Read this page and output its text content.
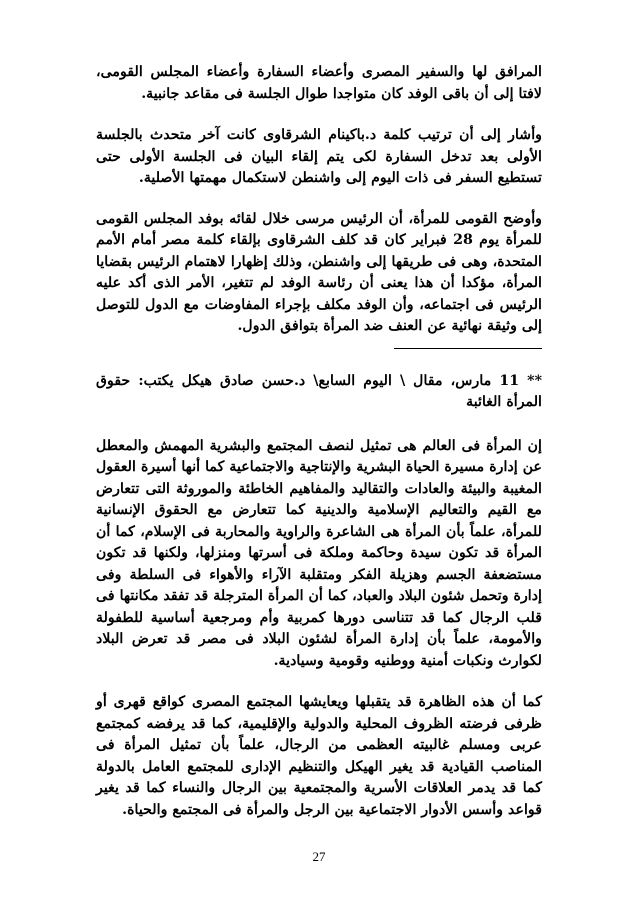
المرافق لها والسفير المصرى وأعضاء السفارة وأعضاء المجلس القومى، لافتا إلى أن باقى الوفد كان متواجدا طوال الجلسة فى مقاعد جانبية.

وأشار إلى أن ترتيب كلمة د.باكينام الشرقاوى كانت آخر متحدث بالجلسة الأولى بعد تدخل السفارة لكى يتم إلقاء البيان فى الجلسة الأولى حتى تستطيع السفر فى ذات اليوم إلى واشنطن لاستكمال مهمتها الأصلية.

وأوضح القومى للمرأة، أن الرئيس مرسى خلال لقائه بوفد المجلس القومى للمرأة يوم 28 فبراير كان قد كلف الشرقاوى بإلقاء كلمة مصر أمام الأمم المتحدة، وهى فى طريقها إلى واشنطن، وذلك إظهارا لاهتمام الرئيس بقضايا المرأة، مؤكدا أن هذا يعنى أن رئاسة الوفد لم تتغير، الأمر الذى أكد عليه الرئيس فى اجتماعه، وأن الوفد مكلف بإجراء المفاوضات مع الدول للتوصل إلى وثيقة نهائية عن العنف ضد المرأة بتوافق الدول.

** 11 مارس، مقال \ اليوم السابع\ د.حسن صادق هيكل يكتب: حقوق المرأة الغائبة

إن المرأة فى العالم هى تمثيل لنصف المجتمع والبشرية المهمش والمعطل عن إدارة مسيرة الحياة البشرية والإنتاجية والاجتماعية كما أنها أسيرة العقول المغيبة والبيئة والعادات والتقاليد والمفاهيم الخاطئة والموروثة التى تتعارض مع القيم والتعاليم الإسلامية والدينية كما تتعارض مع الحقوق الإنسانية للمرأة، علماً بأن المرأة هى الشاعرة والراوية والمحاربة فى الإسلام، كما أن المرأة قد تكون سيدة وحاكمة وملكة فى أسرتها ومنزلها، ولكنها قد تكون مستضعفة الجسم وهزيلة الفكر ومتقلبة الآراء والأهواء فى السلطة وفى إدارة وتحمل شئون البلاد والعباد، كما أن المرأة المترجلة قد تفقد مكانتها فى قلب الرجال كما قد تتناسى دورها كمربية وأم ومرجعية أساسية للطفولة والأمومة، علماً بأن إدارة المرأة لشئون البلاد فى مصر قد تعرض البلاد لكوارث ونكبات أمنية ووطنيه وقومية وسيادية.

كما أن هذه الظاهرة قد يتقبلها ويعايشها المجتمع المصرى كواقع قهرى أو ظرفى فرضته الظروف المحلية والدولية والإقليمية، كما قد يرفضه كمجتمع عربى ومسلم غالبيته العظمى من الرجال، علماً بأن تمثيل المرأة فى المناصب القيادية قد يغير الهيكل والتنظيم الإدارى للمجتمع العامل بالدولة كما قد يدمر العلاقات الأسرية والمجتمعية بين الرجال والنساء كما قد يغير قواعد وأسس الأدوار الاجتماعية بين الرجل والمرأة فى المجتمع والحياة.

27
